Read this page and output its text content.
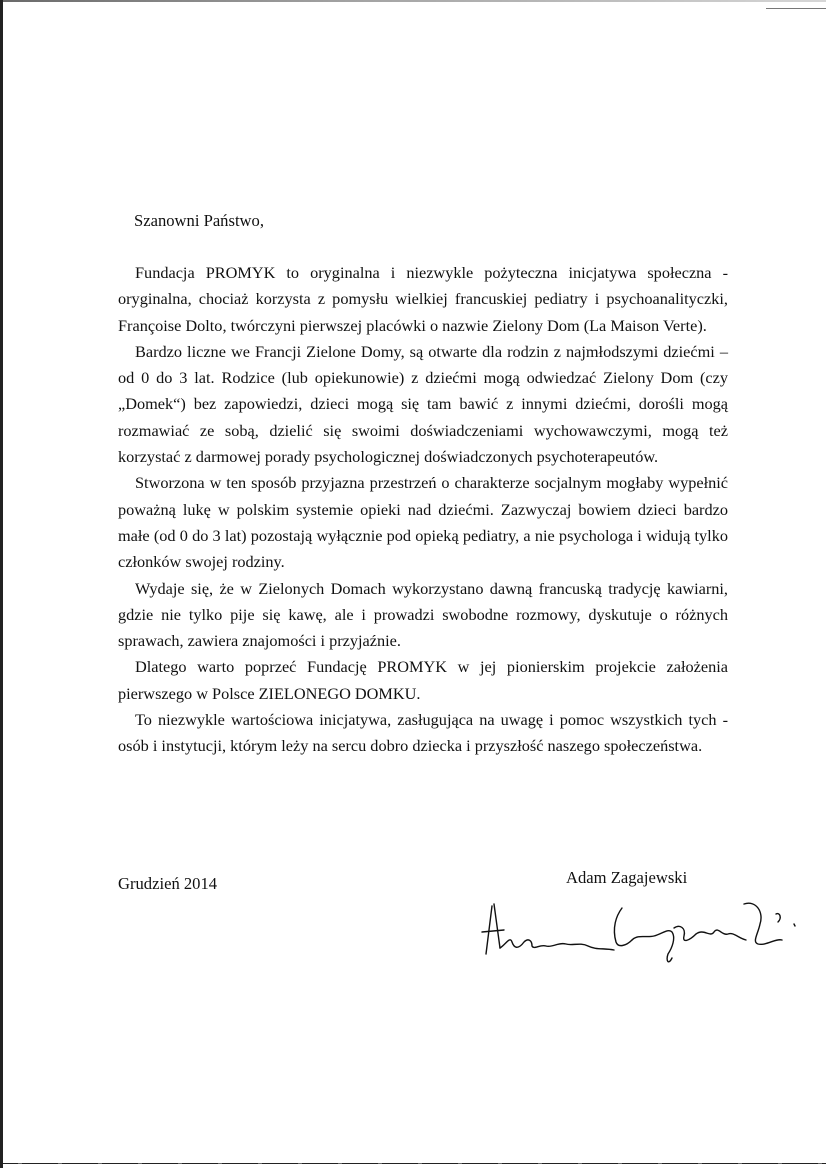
Szanowni Państwo,

Fundacja PROMYK to oryginalna i niezwykle pożyteczna inicjatywa społeczna - oryginalna, chociaż korzysta z pomysłu wielkiej francuskiej pediatry i psychoanalityczki, Françoise Dolto, twórczyni pierwszej placówki o nazwie Zielony Dom (La Maison Verte).

Bardzo liczne we Francji Zielone Domy, są otwarte dla rodzin z najmłodszymi dziećmi – od 0 do 3 lat. Rodzice (lub opiekunowie) z dziećmi mogą odwiedzać Zielony Dom (czy „Domek“) bez zapowiedzi, dzieci mogą się tam bawić z innymi dziećmi, dorośli mogą rozmawiać ze sobą, dzielić się swoimi doświadczeniami wychowawczymi, mogą też korzystać z darmowej porady psychologicznej doświadczonych psychoterapeutów.

Stworzona w ten sposób przyjazna przestrzeń o charakterze socjalnym mogłaby wypełnić poważną lukę w polskim systemie opieki nad dziećmi. Zazwyczaj bowiem dzieci bardzo małe (od 0 do 3 lat) pozostają wyłącznie pod opieką pediatry, a nie psychologa i widują tylko członków swojej rodziny.

Wydaje się, że w Zielonych Domach wykorzystano dawną francuską tradycję kawiarni, gdzie nie tylko pije się kawę, ale i prowadzi swobodne rozmowy, dyskutuje o różnych sprawach, zawiera znajomości i przyjaźnie.

Dlatego warto poprzeć Fundację PROMYK w jej pionierskim projekcie założenia pierwszego w Polsce ZIELONEGO DOMKU.

To niezwykle wartościowa inicjatywa, zasługująca na uwagę i pomoc wszystkich tych - osób i instytucji, którym leży na sercu dobro dziecka i przyszłość naszego społeczeństwa.

Grudzień 2014	Adam Zagajewski
